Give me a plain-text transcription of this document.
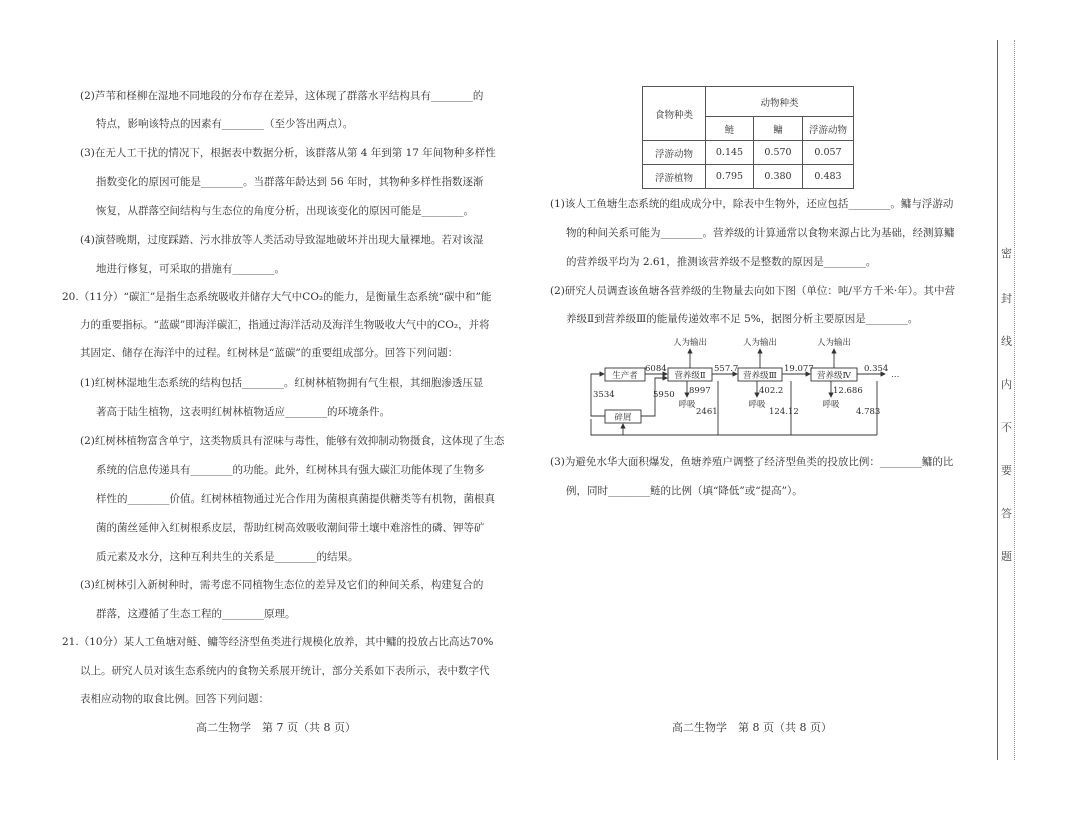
(2)芦苇和柽柳在湿地不同地段的分布存在差异，这体现了群落水平结构具有________的
特点，影响该特点的因素有________（至少答出两点）。
(3)在无人工干扰的情况下，根据表中数据分析，该群落从第 4 年到第 17 年间物种多样性
指数变化的原因可能是________。当群落年龄达到 56 年时，其物种多样性指数逐渐
恢复，从群落空间结构与生态位的角度分析，出现该变化的原因可能是________。
(4)演替晚期，过度踩踏、污水排放等人类活动导致湿地破坏并出现大量裸地。若对该湿
地进行修复，可采取的措施有________。
20.（11分）“碳汇”是指生态系统吸收并储存大气中CO₂的能力，是衡量生态系统“碳中和”能
力的重要指标。“蓝碳”即海洋碳汇，指通过海洋活动及海洋生物吸收大气中的CO₂，并将
其固定、储存在海洋中的过程。红树林是“蓝碳”的重要组成部分。回答下列问题：
(1)红树林湿地生态系统的结构包括________。红树林植物拥有气生根，其细胞渗透压显
著高于陆生植物，这表明红树林植物适应________的环境条件。
(2)红树林植物富含单宁，这类物质具有涩味与毒性，能够有效抑制动物摄食，这体现了生态
系统的信息传递具有________的功能。此外，红树林具有强大碳汇功能体现了生物多
样性的________价值。红树林植物通过光合作用为菌根真菌提供糖类等有机物，菌根真
菌的菌丝延伸入红树根系皮层，帮助红树高效吸收潮间带土壤中难溶性的磷、钾等矿
质元素及水分，这种互利共生的关系是________的结果。
(3)红树林引入新树种时，需考虑不同植物生态位的差异及它们的种间关系，构建复合的
群落，这遵循了生态工程的________原理。
21.（10分）某人工鱼塘对鲢、鳙等经济型鱼类进行规模化放养，其中鳙的投放占比高达70%
以上。研究人员对该生态系统内的食物关系展开统计，部分关系如下表所示，表中数字代
表相应动物的取食比例。回答下列问题：
高二生物学　第 7 页（共 8 页）
食物种类	动物种类		
	鲢	鳙	浮游动物
浮游动物	0.145	0.570	0.057
浮游植物	0.795	0.380	0.483
(1)该人工鱼塘生态系统的组成成分中，除表中生物外，还应包括________。鳙与浮游动
物的种间关系可能为________。营养级的计算通常以食物来源占比为基础，经测算鳙
的营养级平均为 2.61，推测该营养级不是整数的原因是________。
(2)研究人员调查该鱼塘各营养级的生物量去向如下图（单位：吨/平方千米·年）。其中营
养级Ⅱ到营养级Ⅲ的能量传递效率不足 5%，据图分析主要原因是________。
(3)为避免水华大面积爆发，鱼塘养殖户调整了经济型鱼类的投放比例：________鳙的比
例，同时________鲢的比例（填“降低”或“提高”）。
高二生物学　第 8 页（共 8 页）
生产者	营养级Ⅱ	营养级Ⅲ	营养级Ⅳ
碎屑
人为输出	人为输出	人为输出
呼吸	呼吸	呼吸
6084	557.7	19.077	0.354
…
8997	402.2	12.686
3534	5950
2461	124.12	4.783
密
封
线
内
不
要
答
题
